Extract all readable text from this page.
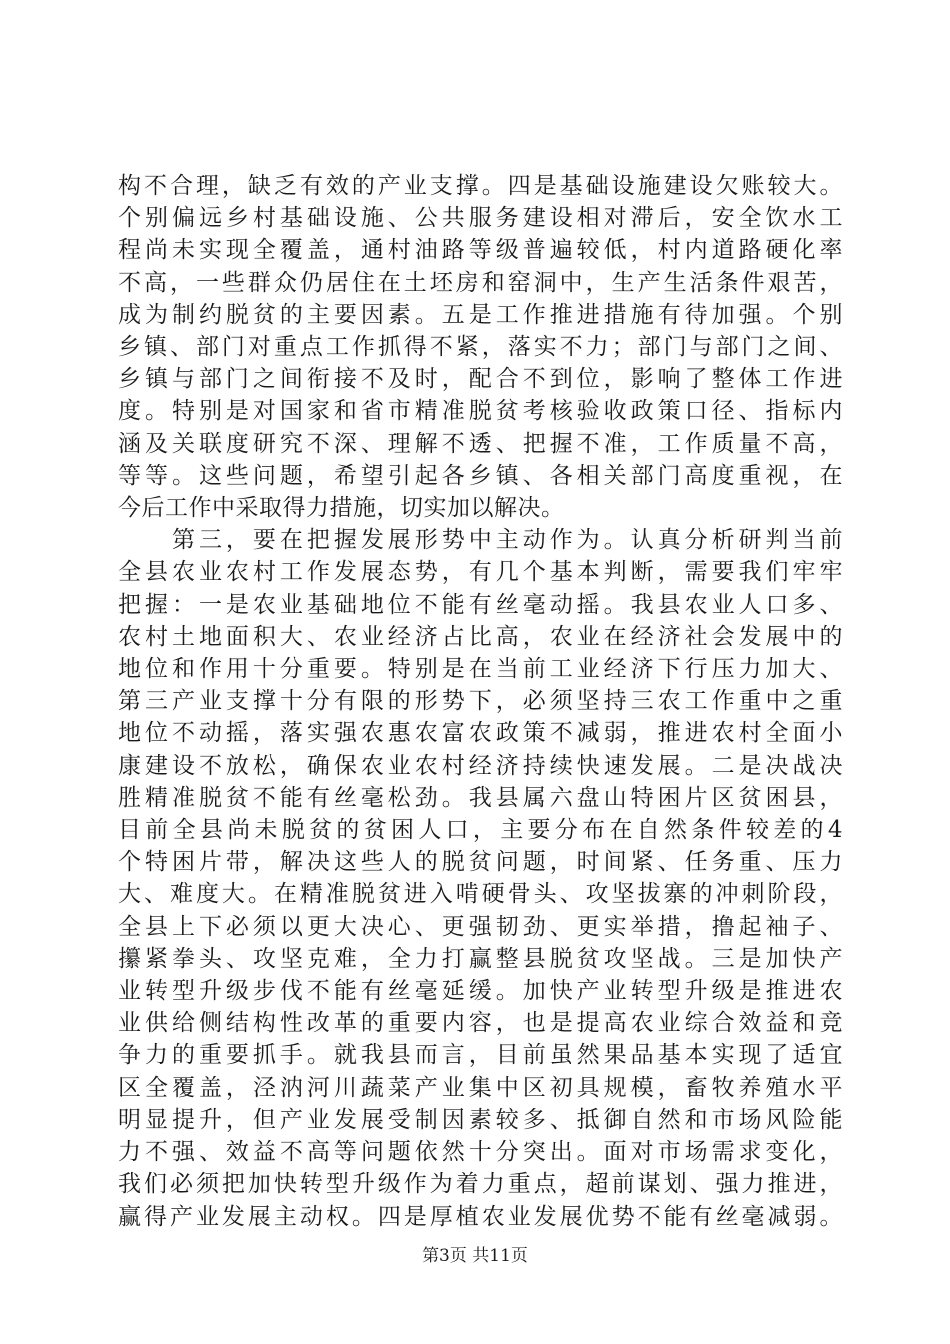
构不合理，缺乏有效的产业支撑。四是基础设施建设欠账较大。
个别偏远乡村基础设施、公共服务建设相对滞后，安全饮水工
程尚未实现全覆盖，通村油路等级普遍较低，村内道路硬化率
不高，一些群众仍居住在土坯房和窑洞中，生产生活条件艰苦，
成为制约脱贫的主要因素。五是工作推进措施有待加强。个别
乡镇、部门对重点工作抓得不紧，落实不力；部门与部门之间、
乡镇与部门之间衔接不及时，配合不到位，影响了整体工作进
度。特别是对国家和省市精准脱贫考核验收政策口径、指标内
涵及关联度研究不深、理解不透、把握不准，工作质量不高，
等等。这些问题，希望引起各乡镇、各相关部门高度重视，在
今后工作中采取得力措施，切实加以解决。
　　第三，要在把握发展形势中主动作为。认真分析研判当前
全县农业农村工作发展态势，有几个基本判断，需要我们牢牢
把握：一是农业基础地位不能有丝毫动摇。我县农业人口多、
农村土地面积大、农业经济占比高，农业在经济社会发展中的
地位和作用十分重要。特别是在当前工业经济下行压力加大、
第三产业支撑十分有限的形势下，必须坚持三农工作重中之重
地位不动摇，落实强农惠农富农政策不减弱，推进农村全面小
康建设不放松，确保农业农村经济持续快速发展。二是决战决
胜精准脱贫不能有丝毫松劲。我县属六盘山特困片区贫困县，
目前全县尚未脱贫的贫困人口，主要分布在自然条件较差的4
个特困片带，解决这些人的脱贫问题，时间紧、任务重、压力
大、难度大。在精准脱贫进入啃硬骨头、攻坚拔寨的冲刺阶段，
全县上下必须以更大决心、更强韧劲、更实举措，撸起袖子、
攥紧拳头、攻坚克难，全力打赢整县脱贫攻坚战。三是加快产
业转型升级步伐不能有丝毫延缓。加快产业转型升级是推进农
业供给侧结构性改革的重要内容，也是提高农业综合效益和竞
争力的重要抓手。就我县而言，目前虽然果品基本实现了适宜
区全覆盖，泾汭河川蔬菜产业集中区初具规模，畜牧养殖水平
明显提升，但产业发展受制因素较多、抵御自然和市场风险能
力不强、效益不高等问题依然十分突出。面对市场需求变化，
我们必须把加快转型升级作为着力重点，超前谋划、强力推进，
赢得产业发展主动权。四是厚植农业发展优势不能有丝毫减弱。
第3页 共11页
